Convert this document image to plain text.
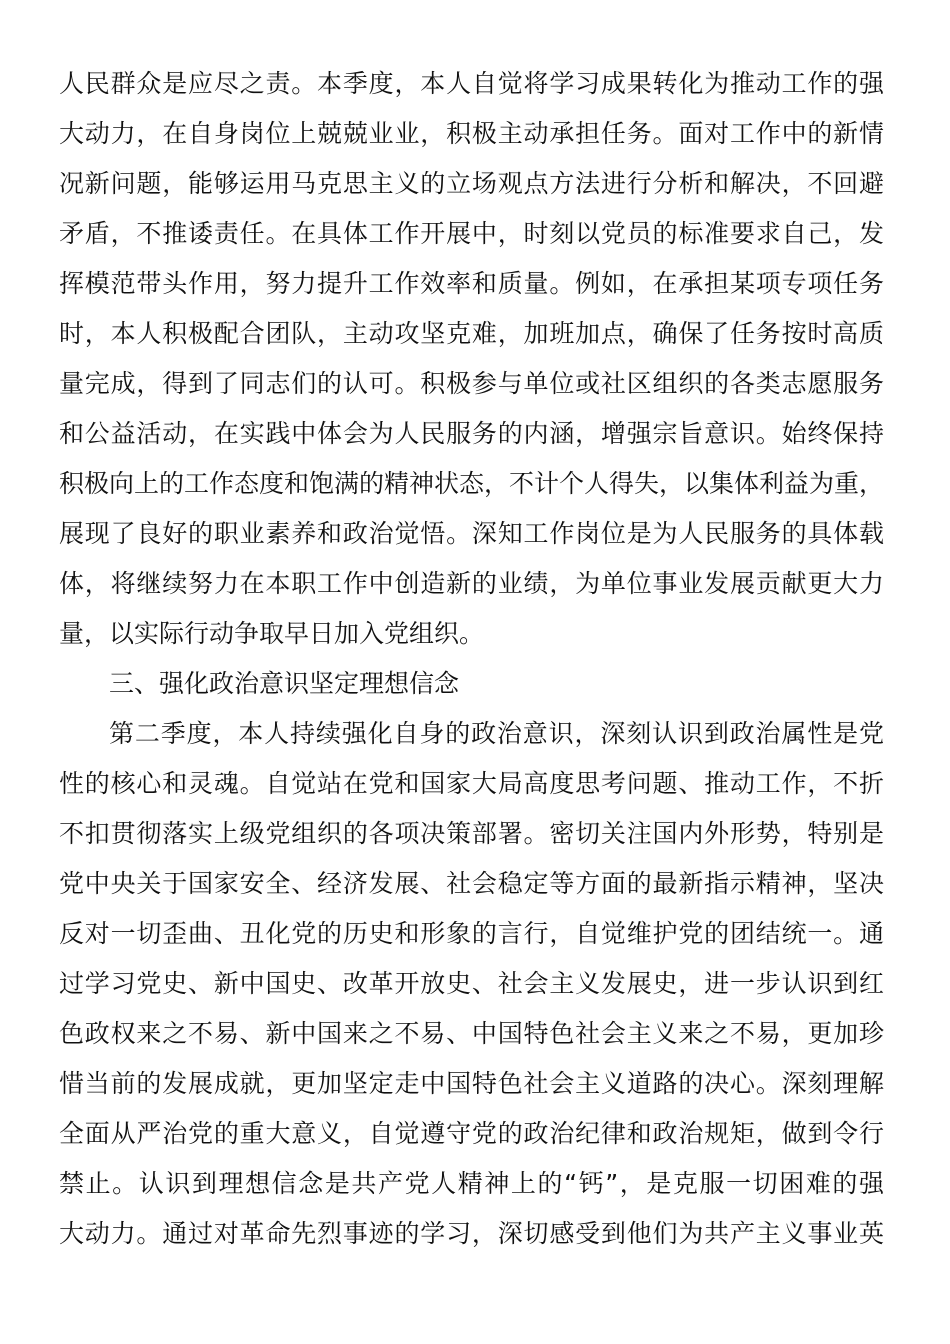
人民群众是应尽之责。本季度，本人自觉将学习成果转化为推动工作的强
大动力，在自身岗位上兢兢业业，积极主动承担任务。面对工作中的新情
况新问题，能够运用马克思主义的立场观点方法进行分析和解决，不回避
矛盾，不推诿责任。在具体工作开展中，时刻以党员的标准要求自己，发
挥模范带头作用，努力提升工作效率和质量。例如，在承担某项专项任务
时，本人积极配合团队，主动攻坚克难，加班加点，确保了任务按时高质
量完成，得到了同志们的认可。积极参与单位或社区组织的各类志愿服务
和公益活动，在实践中体会为人民服务的内涵，增强宗旨意识。始终保持
积极向上的工作态度和饱满的精神状态，不计个人得失，以集体利益为重，
展现了良好的职业素养和政治觉悟。深知工作岗位是为人民服务的具体载
体，将继续努力在本职工作中创造新的业绩，为单位事业发展贡献更大力
量，以实际行动争取早日加入党组织。
三、强化政治意识坚定理想信念
第二季度，本人持续强化自身的政治意识，深刻认识到政治属性是党
性的核心和灵魂。自觉站在党和国家大局高度思考问题、推动工作，不折
不扣贯彻落实上级党组织的各项决策部署。密切关注国内外形势，特别是
党中央关于国家安全、经济发展、社会稳定等方面的最新指示精神，坚决
反对一切歪曲、丑化党的历史和形象的言行，自觉维护党的团结统一。通
过学习党史、新中国史、改革开放史、社会主义发展史，进一步认识到红
色政权来之不易、新中国来之不易、中国特色社会主义来之不易，更加珍
惜当前的发展成就，更加坚定走中国特色社会主义道路的决心。深刻理解
全面从严治党的重大意义，自觉遵守党的政治纪律和政治规矩，做到令行
禁止。认识到理想信念是共产党人精神上的“钙”，是克服一切困难的强
大动力。通过对革命先烈事迹的学习，深切感受到他们为共产主义事业英
